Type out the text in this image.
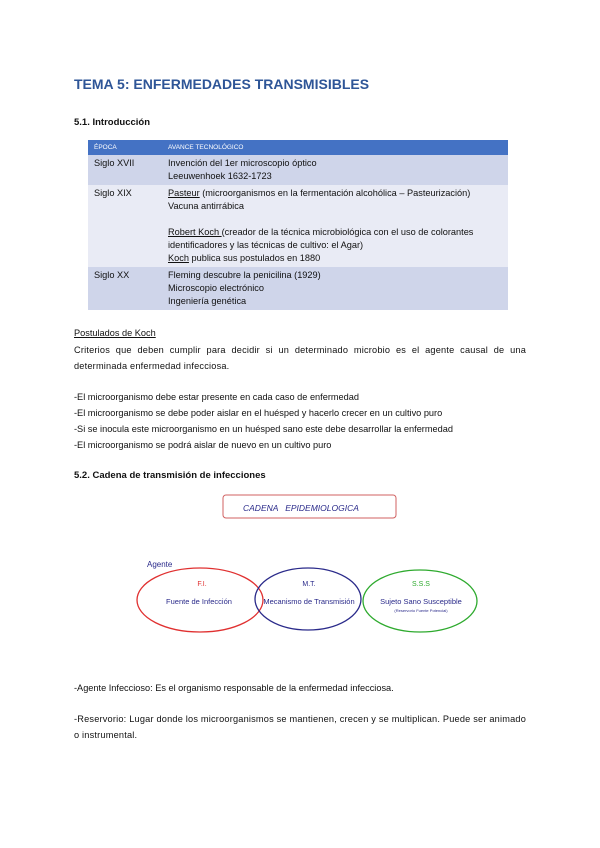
TEMA 5: ENFERMEDADES TRANSMISIBLES
5.1. Introducción
ÉPOCA	AVANCE TECNOLÓGICO
Siglo XVII	Invención del 1er microscopio óptico
Leeuwenhoek 1632-1723

Siglo XIX	Pasteur (microorganismos en la fermentación alcohólica – Pasteurización)
Vacuna antirrábica
Robert Koch (creador de la técnica microbiológica con el uso de colorantes identificadores y las técnicas de cultivo: el Agar)
Koch publica sus postulados en 1880

Siglo XX	Fleming descubre la penicilina (1929)
Microscopio electrónico
Ingeniería genética
Postulados de Koch
Criterios que deben cumplir para decidir si un determinado microbio es el agente causal de una determinada enfermedad infecciosa.
-El microorganismo debe estar presente en cada caso de enfermedad
-El microorganismo se debe poder aislar en el huésped y hacerlo crecer en un cultivo puro
-Si se inocula este microorganismo en un huésped sano este debe desarrollar la enfermedad
-El microorganismo se podrá aislar de nuevo en un cultivo puro
5.2. Cadena de transmisión de infecciones
CADENA   EPIDEMIOLOGICA
Agente
F.I.
Fuente de Infección
M.T.
Mecanismo de Transmisión
S.S.S
Sujeto Sano Susceptible
(Reservorio Fuente Potencial)
-Agente Infeccioso: Es el organismo responsable de la enfermedad infecciosa.
-Reservorio: Lugar donde los microorganismos se mantienen, crecen y se multiplican. Puede ser animado o instrumental.
